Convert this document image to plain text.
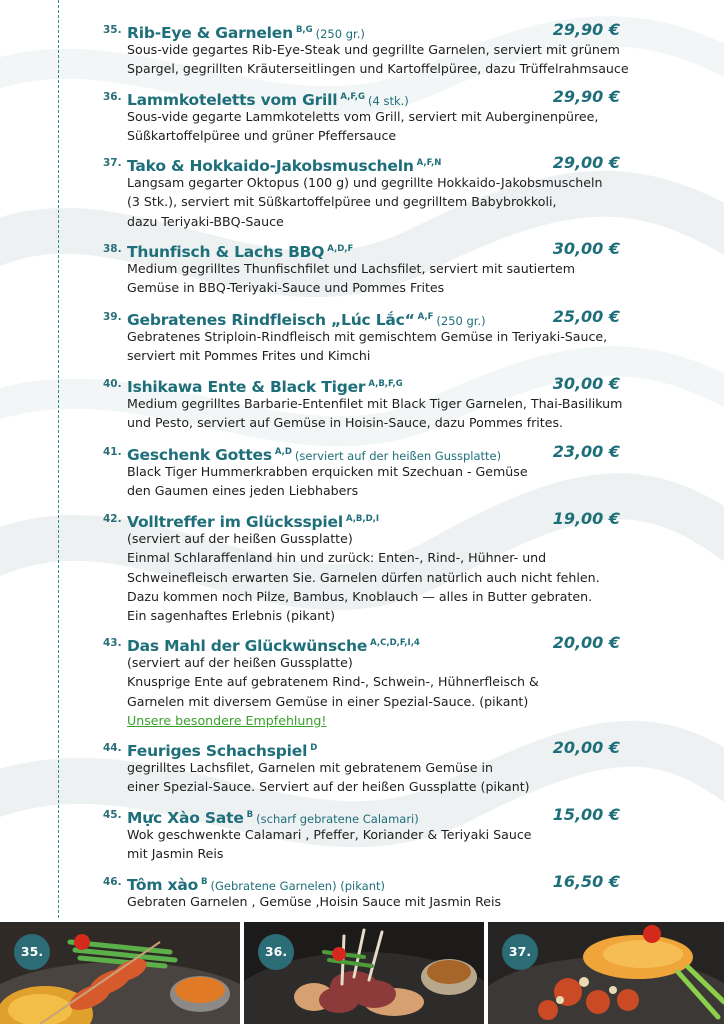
35. Rib-Eye & Garnelen $^{B,G}$ (250 gr.)	29,90 €
Sous-vide gegartes Rib-Eye-Steak und gegrillte Garnelen, serviert mit grünem
Spargel, gegrillten Kräuterseitlingen und Kartoffelpüree, dazu Trüffelrahmsauce
36. Lammkoteletts vom Grill $^{A,F,G}$ (4 stk.)	29,90 €
Sous-vide gegarte Lammkoteletts vom Grill, serviert mit Auberginenpüree,
Süßkartoffelpüree und grüner Pfeffersauce
37. Tako & Hokkaido-Jakobsmuscheln $^{A,F,N}$	29,00 €
Langsam gegarter Oktopus (100 g) und gegrillte Hokkaido-Jakobsmuscheln
(3 Stk.), serviert mit Süßkartoffelpüree und gegrilltem Babybrokkoli,
dazu Teriyaki-BBQ-Sauce
38. Thunfisch & Lachs BBQ $^{A,D,F}$	30,00 €
Medium gegrilltes Thunfischfilet und Lachsfilet, serviert mit sautiertem
Gemüse in BBQ-Teriyaki-Sauce und Pommes Frites
39. Gebratenes Rindfleisch „Lúc Lắc“ $^{A,F}$ (250 gr.)	25,00 €
Gebratenes Striploin-Rindfleisch mit gemischtem Gemüse in Teriyaki-Sauce,
serviert mit Pommes Frites und Kimchi
40. Ishikawa Ente & Black Tiger $^{A,B,F,G}$	30,00 €
Medium gegrilltes Barbarie-Entenfilet mit Black Tiger Garnelen, Thai-Basilikum
und Pesto, serviert auf Gemüse in Hoisin-Sauce, dazu Pommes frites.
41. Geschenk Gottes $^{A,D}$ (serviert auf der heißen Gussplatte)	23,00 €
Black Tiger Hummerkrabben erquicken mit Szechuan - Gemüse
den Gaumen eines jeden Liebhabers
42. Volltreffer im Glücksspiel $^{A,B,D,I}$	19,00 €
(serviert auf der heißen Gussplatte)
Einmal Schlaraffenland hin und zurück: Enten-, Rind-, Hühner- und
Schweinefleisch erwarten Sie. Garnelen dürfen natürlich auch nicht fehlen.
Dazu kommen noch Pilze, Bambus, Knoblauch — alles in Butter gebraten.
Ein sagenhaftes Erlebnis (pikant)
43. Das Mahl der Glückwünsche $^{A,C,D,F,I,4}$	20,00 €
(serviert auf der heißen Gussplatte)
Knusprige Ente auf gebratenem Rind-, Schwein-, Hühnerfleisch &
Garnelen mit diversem Gemüse in einer Spezial-Sauce. (pikant)
Unsere besondere Empfehlung!
44. Feuriges Schachspiel $^D$	20,00 €
gegrilltes Lachsfilet, Garnelen mit gebratenem Gemüse in
einer Spezial-Sauce. Serviert auf der heißen Gussplatte (pikant)
45. Mực Xào Sate $^B$ (scharf gebratene Calamari)	15,00 €
Wok geschwenkte Calamari , Pfeffer, Koriander & Teriyaki Sauce
mit Jasmin Reis
46. Tôm xào $^B$ (Gebratene Garnelen) (pikant)	16,50 €
Gebraten Garnelen , Gemüse ,Hoisin Sauce mit Jasmin Reis
35.	36.	37.
